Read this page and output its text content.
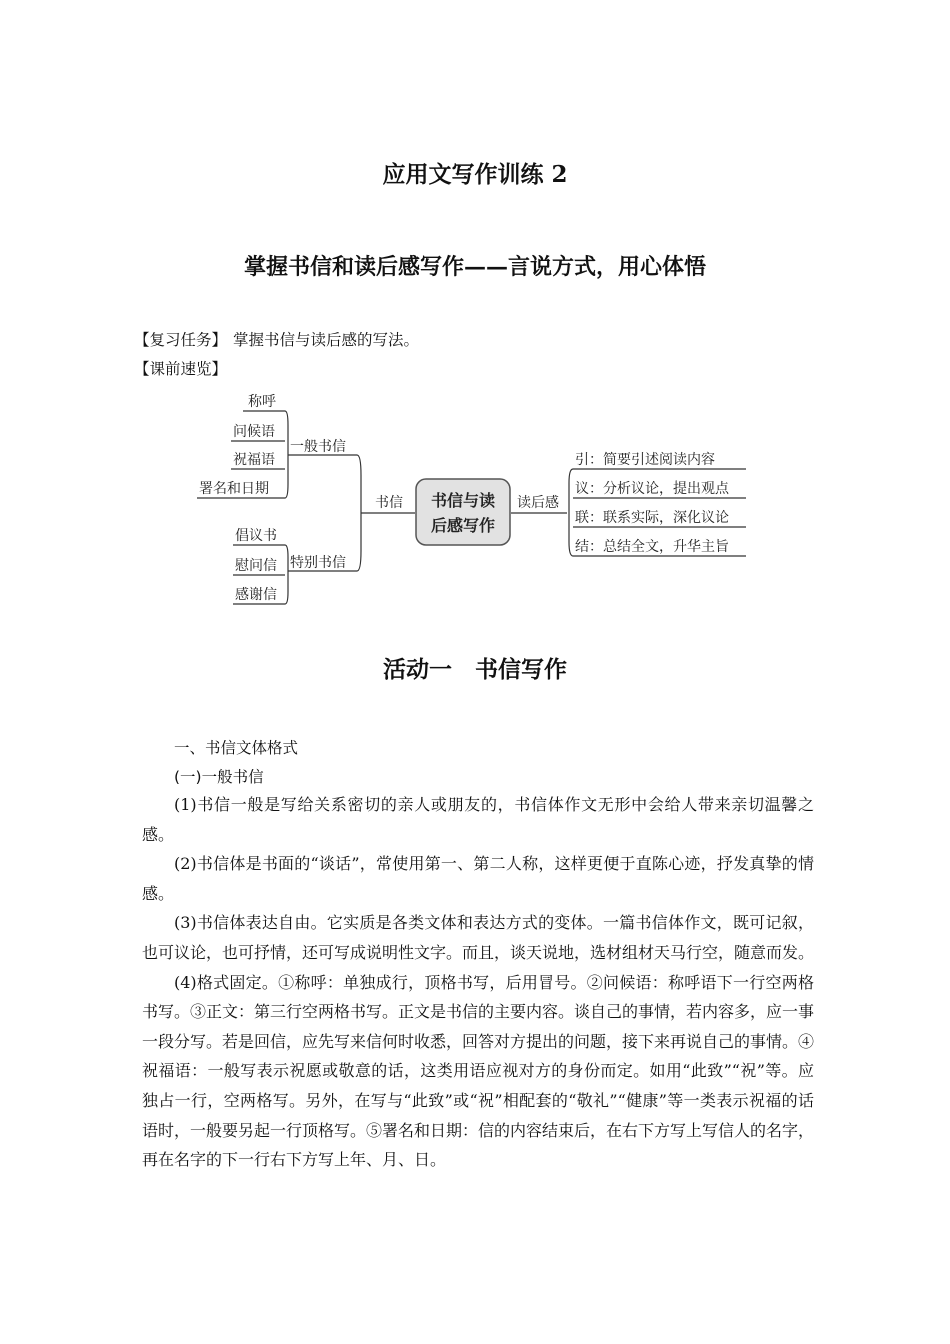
应用文写作训练 2
掌握书信和读后感写作——言说方式，用心体悟
【复习任务】 掌握书信与读后感的写法。
【课前速览】
书信与读
后感写作
书信	读后感
一般书信
特别书信
称呼
问候语
祝福语
署名和日期
倡议书
慰问信
感谢信
引：简要引述阅读内容
议：分析议论，提出观点
联：联系实际，深化议论
结：总结全文，升华主旨
活动一　书信写作
一、书信文体格式
(一)一般书信

(1)书信一般是写给关系密切的亲人或朋友的，书信体作文无形中会给人带来亲切温馨之感。

(2)书信体是书面的“谈话”，常使用第一、第二人称，这样更便于直陈心迹，抒发真挚的情感。

(3)书信体表达自由。它实质是各类文体和表达方式的变体。一篇书信体作文，既可记叙，也可议论，也可抒情，还可写成说明性文字。而且，谈天说地，选材组材天马行空，随意而发。

(4)格式固定。①称呼：单独成行，顶格书写，后用冒号。②问候语：称呼语下一行空两格书写。③正文：第三行空两格书写。正文是书信的主要内容。谈自己的事情，若内容多，应一事一段分写。若是回信，应先写来信何时收悉，回答对方提出的问题，接下来再说自己的事情。④祝福语：一般写表示祝愿或敬意的话，这类用语应视对方的身份而定。如用“此致”“祝”等。应独占一行，空两格写。另外，在写与“此致”或“祝”相配套的“敬礼”“健康”等一类表示祝福的话语时，一般要另起一行顶格写。⑤署名和日期：信的内容结束后，在右下方写上写信人的名字，再在名字的下一行右下方写上年、月、日。
